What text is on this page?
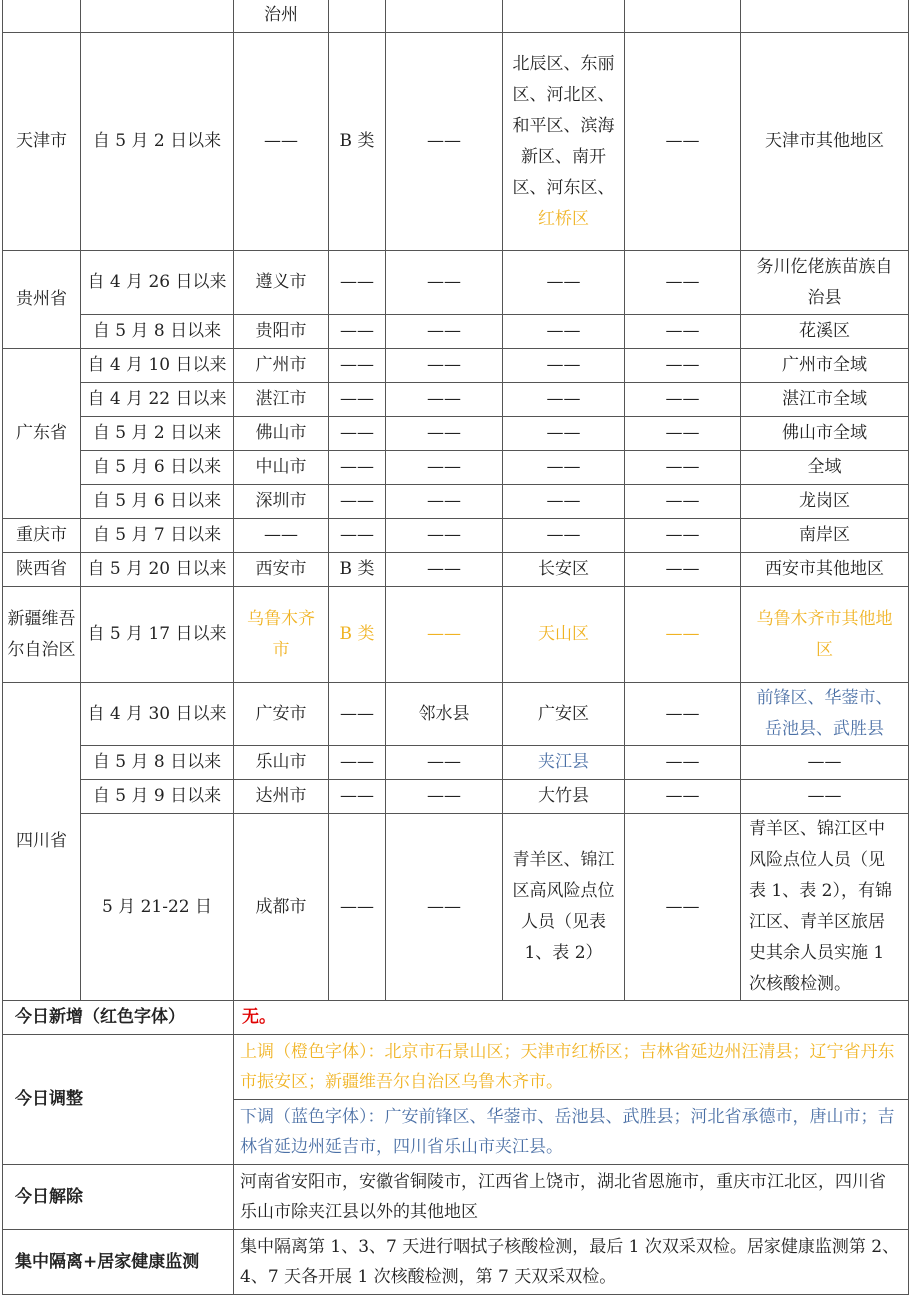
		治州					
天津市	自 5 月 2 日以来	——	B 类	——	北辰区、东丽区、河北区、和平区、滨海新区、南开区、河东区、红桥区	——	天津市其他地区
贵州省	自 4 月 26 日以来	遵义市	——	——	——	——	务川仡佬族苗族自治县
	自 5 月 8 日以来	贵阳市	——	——	——	——	花溪区
广东省	自 4 月 10 日以来	广州市	——	——	——	——	广州市全域
	自 4 月 22 日以来	湛江市	——	——	——	——	湛江市全域
	自 5 月 2 日以来	佛山市	——	——	——	——	佛山市全域
	自 5 月 6 日以来	中山市	——	——	——	——	全域
	自 5 月 6 日以来	深圳市	——	——	——	——	龙岗区
重庆市	自 5 月 7 日以来	——	——	——	——	——	南岸区
陕西省	自 5 月 20 日以来	西安市	B 类	——	长安区	——	西安市其他地区
新疆维吾尔自治区	自 5 月 17 日以来	乌鲁木齐市	B 类	——	天山区	——	乌鲁木齐市其他地区
四川省	自 4 月 30 日以来	广安市	——	邻水县	广安区	——	前锋区、华蓥市、岳池县、武胜县
	自 5 月 8 日以来	乐山市	——	——	夹江县	——	——
	自 5 月 9 日以来	达州市	——	——	大竹县	——	——
	5 月 21-22 日	成都市	——	——	青羊区、锦江区高风险点位人员（见表 1、表 2）	——	青羊区、锦江区中风险点位人员（见表 1、表 2），有锦江区、青羊区旅居史其余人员实施 1 次核酸检测。
今日新增（红色字体）		无。					
今日调整		上调（橙色字体）：北京市石景山区；天津市红桥区；吉林省延边州汪清县；辽宁省丹东市振安区；新疆维吾尔自治区乌鲁木齐市。					
		下调（蓝色字体）：广安前锋区、华蓥市、岳池县、武胜县；河北省承德市，唐山市；吉林省延边州延吉市，四川省乐山市夹江县。					
今日解除		河南省安阳市，安徽省铜陵市，江西省上饶市，湖北省恩施市，重庆市江北区，四川省乐山市除夹江县以外的其他地区					
集中隔离+居家健康监测		集中隔离第 1、3、7 天进行咽拭子核酸检测，最后 1 次双采双检。居家健康监测第 2、4、7 天各开展 1 次核酸检测，第 7 天双采双检。					
